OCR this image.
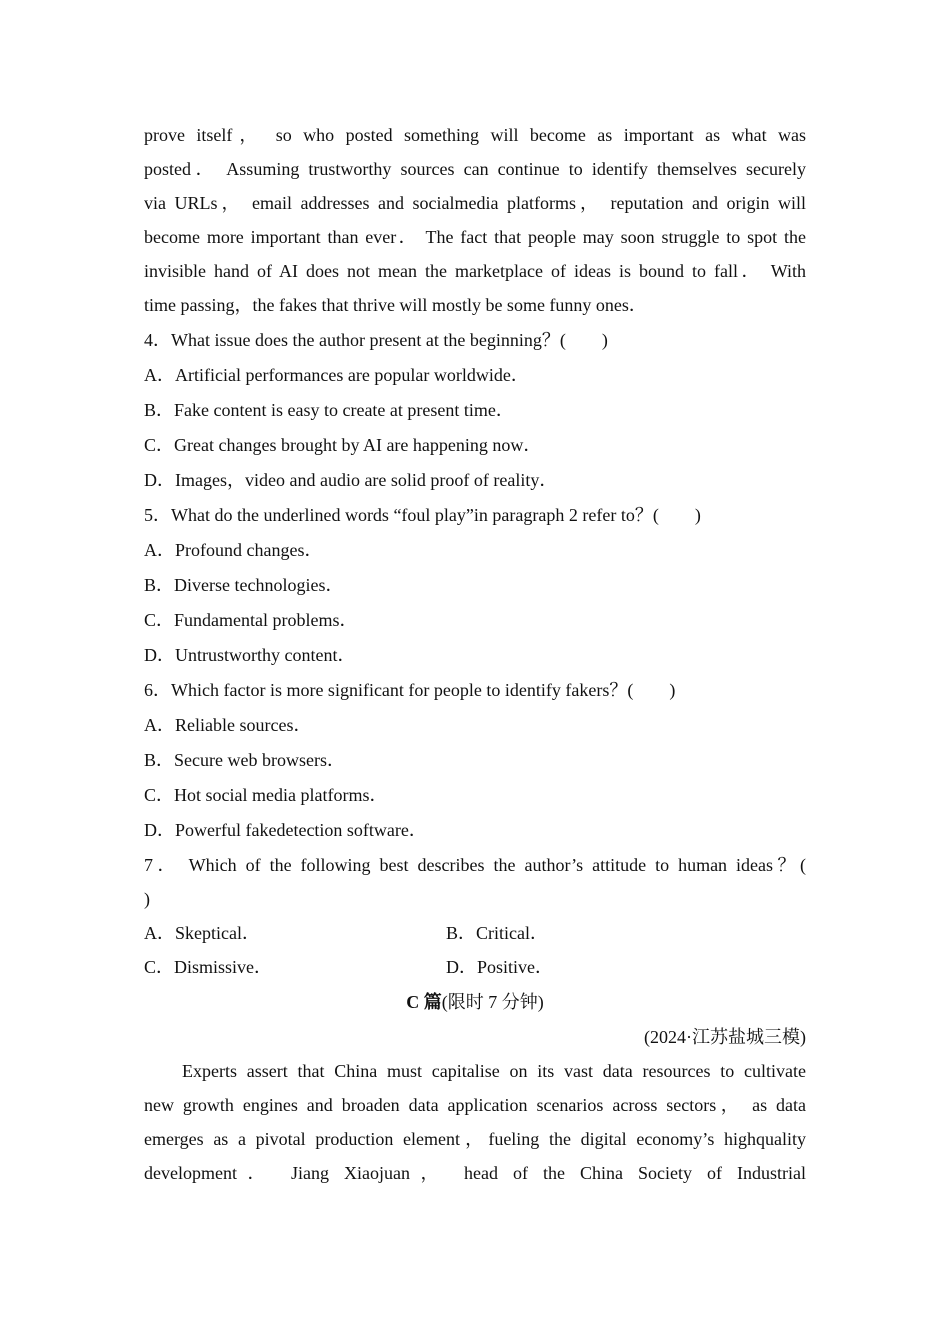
prove itself， so who posted something will become as important as what was
posted． Assuming trustworthy sources can continue to identify themselves securely
via URLs， email addresses and socialmedia platforms， reputation and origin will
become more important than ever． The fact that people may soon struggle to spot the
invisible hand of AI does not mean the marketplace of ideas is bound to fall． With
time passing，the fakes that thrive will mostly be some funny ones．
4．What issue does the author present at the beginning？(　　)
A．Artificial performances are popular worldwide．
B．Fake content is easy to create at present time．
C．Great changes brought by AI are happening now．
D．Images，video and audio are solid proof of reality．
5．What do the underlined words “foul play”in paragraph 2 refer to？(　　)
A．Profound changes．
B．Diverse technologies．
C．Fundamental problems．
D．Untrustworthy content．
6．Which factor is more significant for people to identify fakers？(　　)
A．Reliable sources．
B．Secure web browsers．
C．Hot social media platforms．
D．Powerful fakedetection software．
7． Which of the following best describes the author’s attitude to human ideas？(
)
A．Skeptical．	B．Critical．
C．Dismissive．	D．Positive．
C 篇(限时 7 分钟)
(2024·江苏盐城三模)
Experts assert that China must capitalise on its vast data resources to cultivate
new growth engines and broaden data application scenarios across sectors， as data
emerges as a pivotal production element，fueling the digital economy’s highquality
development． Jiang Xiaojuan， head of the China Society of Industrial
